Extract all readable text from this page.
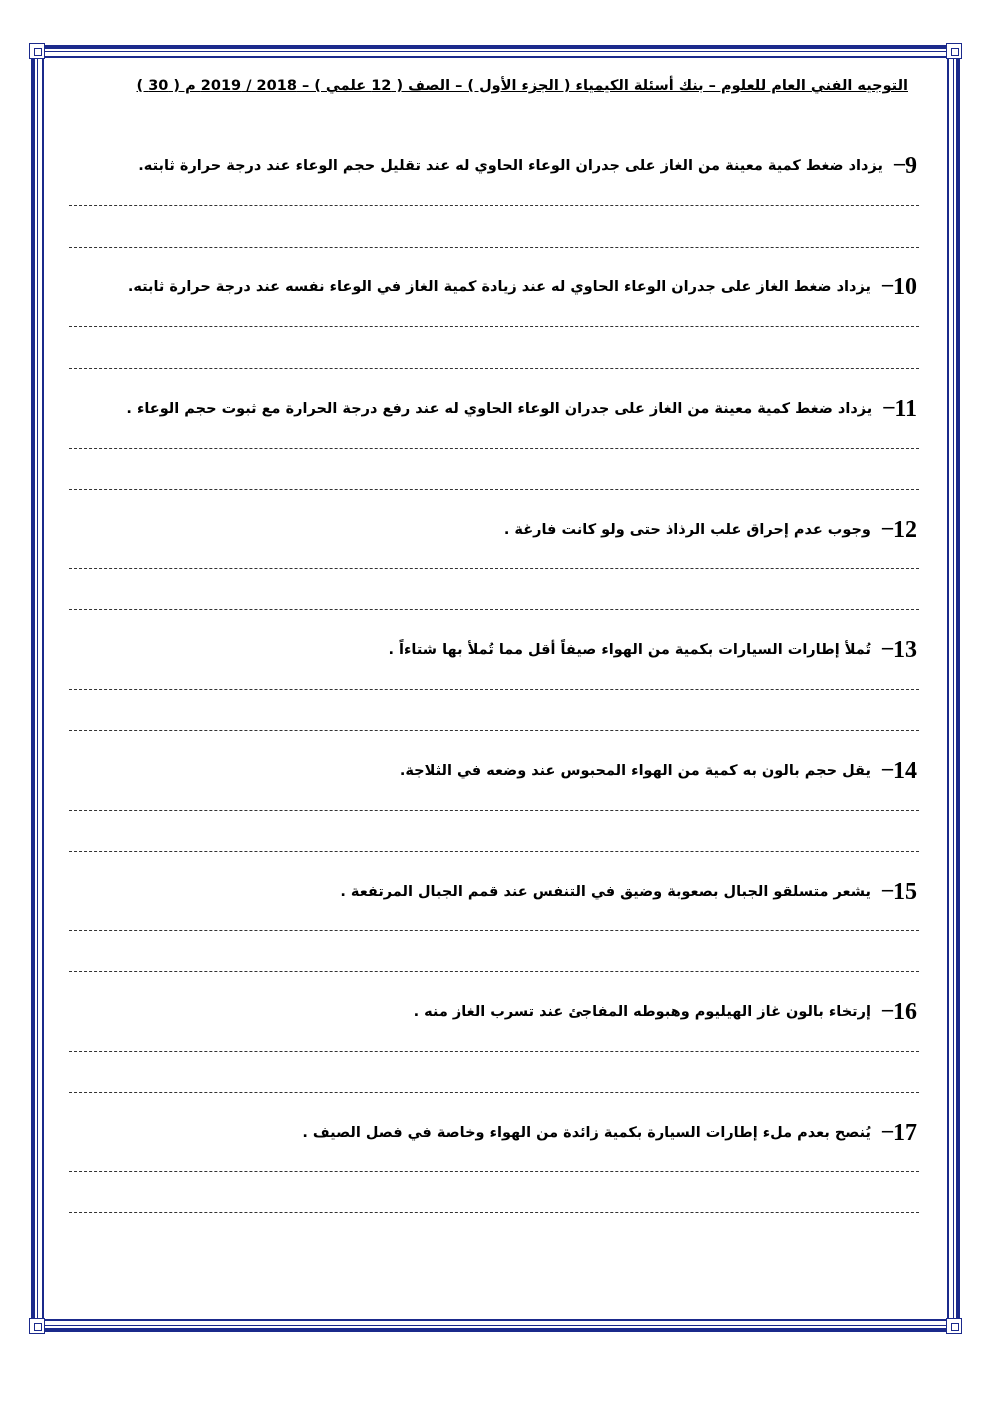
التوجيه الفني العام للعلوم – بنك أسئلة الكيمياء ( الجزء الأول ) – الصف ( 12 علمي ) – 2018 / 2019 م ( 30 )
9– يزداد ضغط كمية معينة من الغاز على جدران الوعاء الحاوي له عند تقليل حجم الوعاء عند درجة حرارة ثابته.
10– يزداد ضغط الغاز على جدران الوعاء الحاوي له عند زيادة كمية الغاز في الوعاء نفسه عند درجة حرارة ثابته.
11– يزداد ضغط كمية معينة من الغاز على جدران الوعاء الحاوي له عند رفع درجة الحرارة مع ثبوت حجم الوعاء .
12– وجوب عدم إحراق علب الرذاذ حتى ولو كانت فارغة .
13– تُملأ إطارات السيارات بكمية من الهواء صيفاً أقل مما تُملأ بها شتاءاً .
14– يقل حجم بالون به كمية من الهواء المحبوس عند وضعه في الثلاجة.
15– يشعر متسلقو الجبال بصعوبة وضيق في التنفس عند قمم الجبال المرتفعة .
16– إرتخاء بالون غاز الهيليوم وهبوطه المفاجئ عند تسرب الغاز منه .
17– يُنصح بعدم ملء إطارات السيارة بكمية زائدة من الهواء وخاصة في فصل الصيف .
